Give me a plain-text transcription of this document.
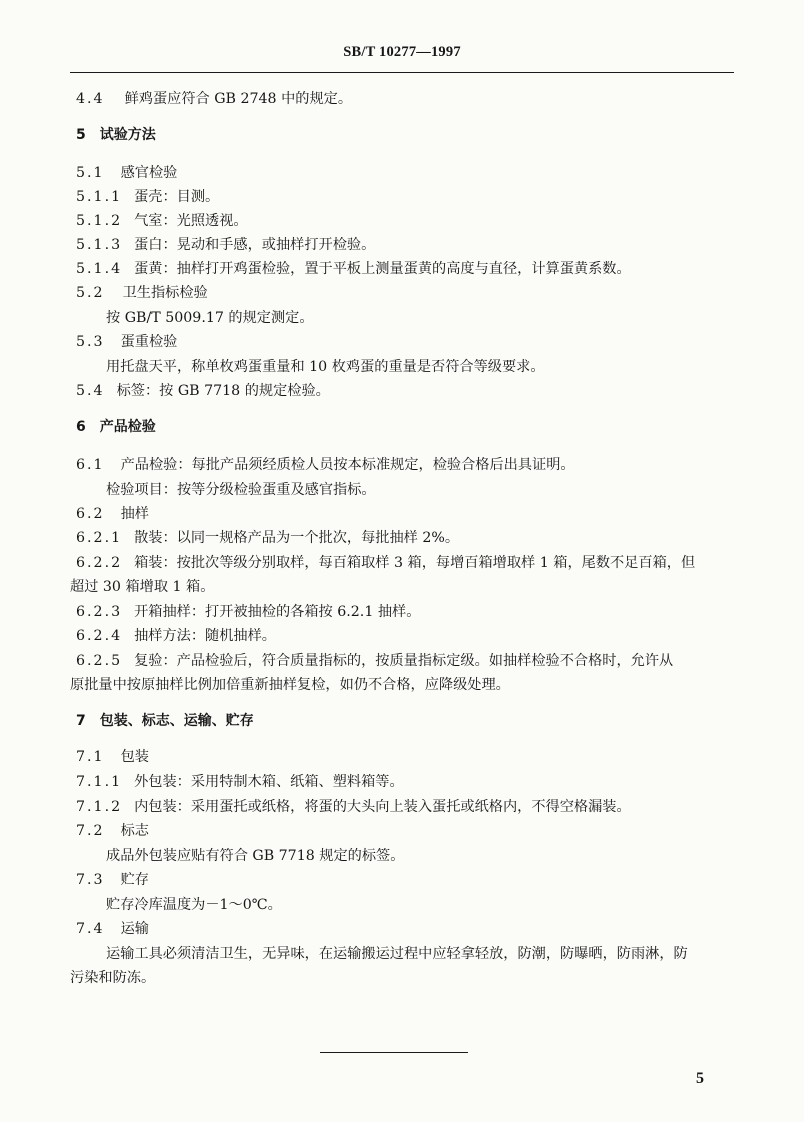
SB/T 10277—1997
4.4 鲜鸡蛋应符合 GB 2748 中的规定。
5 试验方法
5.1 感官检验
5.1.1 蛋壳：目测。
5.1.2 气室：光照透视。
5.1.3 蛋白：晃动和手感，或抽样打开检验。
5.1.4 蛋黄：抽样打开鸡蛋检验，置于平板上测量蛋黄的高度与直径，计算蛋黄系数。
5.2 卫生指标检验
按 GB/T 5009.17 的规定测定。
5.3 蛋重检验
用托盘天平，称单枚鸡蛋重量和 10 枚鸡蛋的重量是否符合等级要求。
5.4 标签：按 GB 7718 的规定检验。
6 产品检验
6.1 产品检验：每批产品须经质检人员按本标准规定，检验合格后出具证明。
检验项目：按等分级检验蛋重及感官指标。
6.2 抽样
6.2.1 散装：以同一规格产品为一个批次，每批抽样 2%。
6.2.2 箱装：按批次等级分别取样，每百箱取样 3 箱，每增百箱增取样 1 箱，尾数不足百箱，但
超过 30 箱增取 1 箱。
6.2.3 开箱抽样：打开被抽检的各箱按 6.2.1 抽样。
6.2.4 抽样方法：随机抽样。
6.2.5 复验：产品检验后，符合质量指标的，按质量指标定级。如抽样检验不合格时，允许从
原批量中按原抽样比例加倍重新抽样复检，如仍不合格，应降级处理。
7 包装、标志、运输、贮存
7.1 包装
7.1.1 外包装：采用特制木箱、纸箱、塑料箱等。
7.1.2 内包装：采用蛋托或纸格，将蛋的大头向上装入蛋托或纸格内，不得空格漏装。
7.2 标志
成品外包装应贴有符合 GB 7718 规定的标签。
7.3 贮存
贮存冷库温度为－1～0℃。
7.4 运输
运输工具必须清洁卫生，无异味，在运输搬运过程中应轻拿轻放，防潮，防曝晒，防雨淋，防
污染和防冻。
5
